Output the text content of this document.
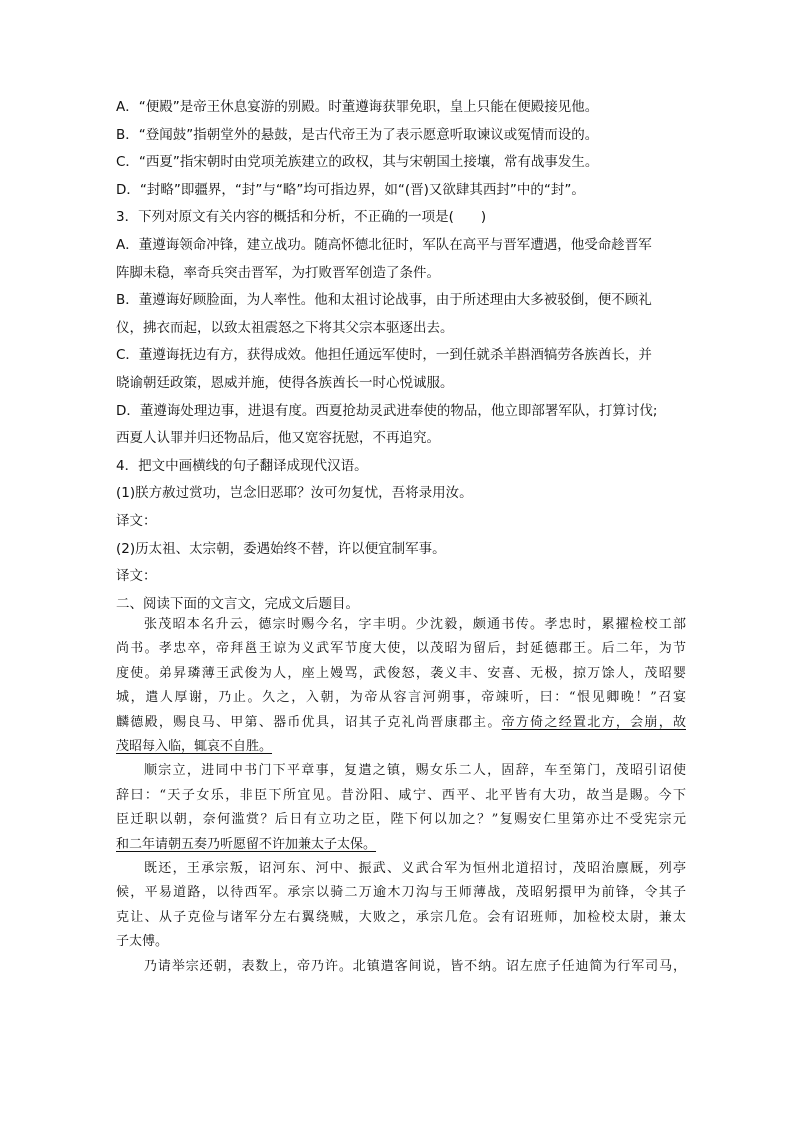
A．“便殿”是帝王休息宴游的别殿。时董遵诲获罪免职，皇上只能在便殿接见他。
B．“登闻鼓”指朝堂外的悬鼓，是古代帝王为了表示愿意听取谏议或冤情而设的。
C．“西夏”指宋朝时由党项羌族建立的政权，其与宋朝国土接壤，常有战事发生。
D．“封略”即疆界，“封”与“略”均可指边界，如“(晋)又欲肆其西封”中的“封”。
3．下列对原文有关内容的概括和分析，不正确的一项是(　　)
A．董遵诲领命冲锋，建立战功。随高怀德北征时，军队在高平与晋军遭遇，他受命趁晋军
阵脚未稳，率奇兵突击晋军，为打败晋军创造了条件。
B．董遵诲好顾脸面，为人率性。他和太祖讨论战事，由于所述理由大多被驳倒，便不顾礼
仪，拂衣而起，以致太祖震怒之下将其父宗本驱逐出去。
C．董遵诲抚边有方，获得成效。他担任通远军使时，一到任就杀羊斟酒犒劳各族酋长，并
晓谕朝廷政策，恩威并施，使得各族酋长一时心悦诚服。
D．董遵诲处理边事，进退有度。西夏抢劫灵武进奉使的物品，他立即部署军队，打算讨伐;
西夏人认罪并归还物品后，他又宽容抚慰，不再追究。
4．把文中画横线的句子翻译成现代汉语。
(1)朕方赦过赏功，岂念旧恶耶？汝可勿复忧，吾将录用汝。
译文：
(2)历太祖、太宗朝，委遇始终不替，许以便宜制军事。
译文：
二、阅读下面的文言文，完成文后题目。
张茂昭本名升云，德宗时赐今名，字丰明。少沈毅，颇通书传。孝忠时，累擢检校工部
尚书。孝忠卒，帝拜邕王谅为义武军节度大使，以茂昭为留后，封延德郡王。后二年，为节
度使。弟昇璘薄王武俊为人，座上嫚骂，武俊怒，袭义丰、安喜、无极，掠万馀人，茂昭婴
城，遣人厚谢，乃止。久之，入朝，为帝从容言河朔事，帝竦听，曰：“恨见卿晚！”召宴
麟德殿，赐良马、甲第、器币优具，诏其子克礼尚晋康郡主。帝方倚之经置北方，会崩，故
茂昭每入临，辄哀不自胜。
顺宗立，进同中书门下平章事，复遣之镇，赐女乐二人，固辞，车至第门，茂昭引诏使
辞曰：“天子女乐，非臣下所宜见。昔汾阳、咸宁、西平、北平皆有大功，故当是賜。今下
臣迁职以朝，奈何滥赏？后日有立功之臣，陛下何以加之？”复赐安仁里第亦辻不受宪宗元
和二年请朝五奏乃听愿留不许加兼太子太保。
既还，王承宗叛，诏河东、河中、振武、义武合军为恒州北道招讨，茂昭治廪厩，列亭
候，平易道路，以待西军。承宗以骑二万逾木刀沟与王师薄战，茂昭躬擐甲为前锋，令其子
克让、从子克俭与诸军分左右翼绕贼，大败之，承宗几危。会有诏班师，加检校太尉，兼太
子太傅。
乃请举宗还朝，表数上，帝乃许。北镇遣客间说，皆不纳。诏左庶子任迪简为行军司马，
